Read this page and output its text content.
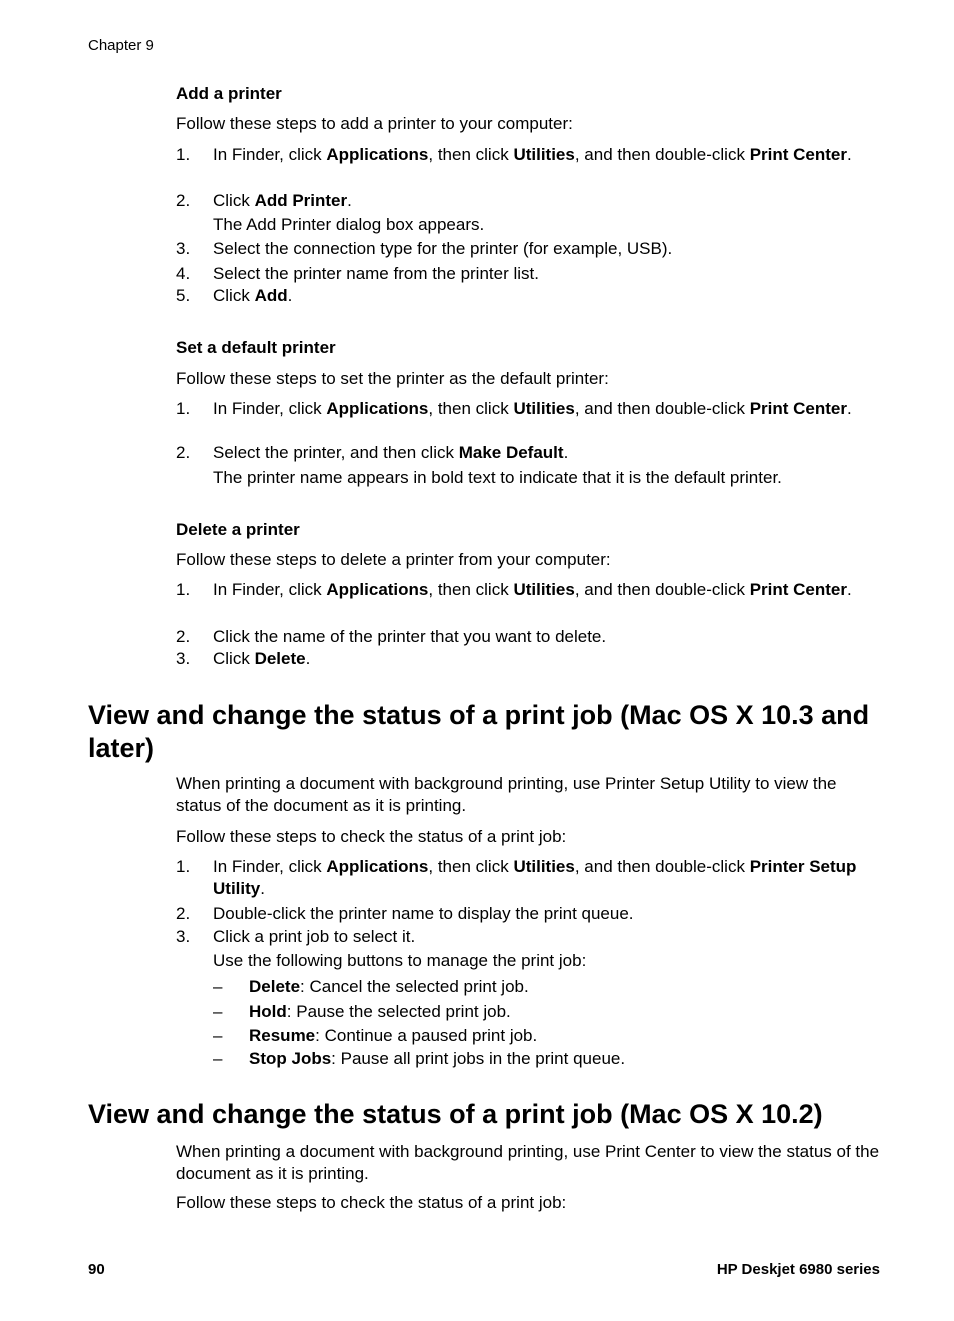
Chapter 9
Add a printer
Follow these steps to add a printer to your computer:
1. In Finder, click Applications, then click Utilities, and then double-click Print Center.
2. Click Add Printer.
The Add Printer dialog box appears.
3. Select the connection type for the printer (for example, USB).
4. Select the printer name from the printer list.
5. Click Add.
Set a default printer
Follow these steps to set the printer as the default printer:
1. In Finder, click Applications, then click Utilities, and then double-click Print Center.
2. Select the printer, and then click Make Default.
The printer name appears in bold text to indicate that it is the default printer.
Delete a printer
Follow these steps to delete a printer from your computer:
1. In Finder, click Applications, then click Utilities, and then double-click Print Center.
2. Click the name of the printer that you want to delete.
3. Click Delete.
View and change the status of a print job (Mac OS X 10.3 and later)
When printing a document with background printing, use Printer Setup Utility to view the status of the document as it is printing.
Follow these steps to check the status of a print job:
1. In Finder, click Applications, then click Utilities, and then double-click Printer Setup Utility.
2. Double-click the printer name to display the print queue.
3. Click a print job to select it.
Use the following buttons to manage the print job:
– Delete: Cancel the selected print job.
– Hold: Pause the selected print job.
– Resume: Continue a paused print job.
– Stop Jobs: Pause all print jobs in the print queue.
View and change the status of a print job (Mac OS X 10.2)
When printing a document with background printing, use Print Center to view the status of the document as it is printing.
Follow these steps to check the status of a print job:
90	HP Deskjet 6980 series
